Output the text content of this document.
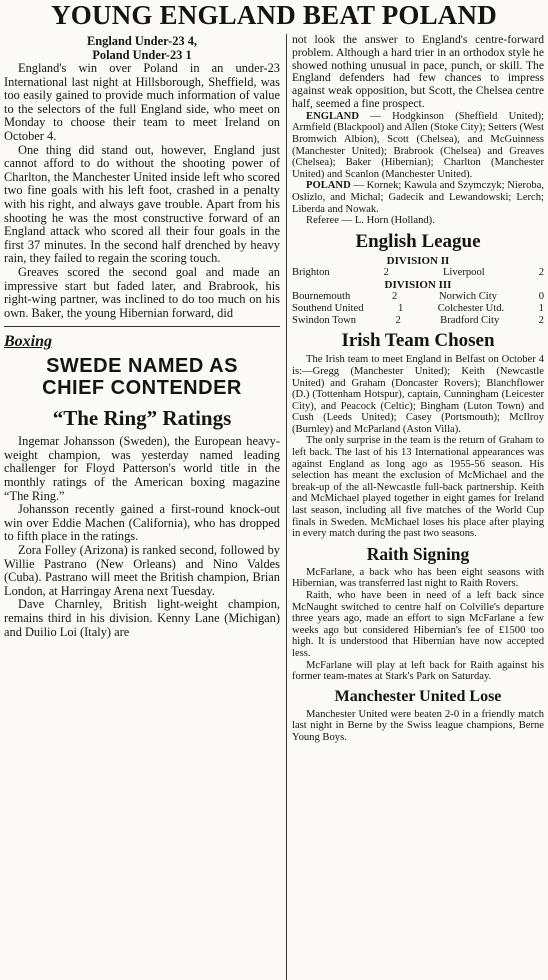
YOUNG ENGLAND BEAT POLAND

England Under-23 4,

Poland Under-23 1

England's win over Poland in an under-23 International last night at Hillsborough, Sheffield, was too easily gained to provide much information of value to the selectors of the full England side, who meet on Monday to choose their team to meet Ireland on October 4.

One thing did stand out, however, England just cannot afford to do without the shooting power of Charlton, the Manchester United inside left who scored two fine goals with his left foot, crashed in a penalty with his right, and always gave trouble. Apart from his shooting he was the most constructive forward of an England attack who scored all their four goals in the first 37 minutes. In the second half drenched by heavy rain, they failed to regain the scoring touch.

Greaves scored the second goal and made an impressive start but faded later, and Brabrook, his right-wing partner, was inclined to do too much on his own. Baker, the young Hibernian forward, did

Boxing
SWEDE NAMED AS
CHIEF CONTENDER
“The Ring” Ratings

Ingemar Johansson (Sweden), the European heavy-weight champion, was yesterday named leading challenger for Floyd Patterson's world title in the monthly ratings of the American boxing magazine “The Ring.”

Johansson recently gained a first-round knock-out win over Eddie Machen (California), who has dropped to fifth place in the ratings.

Zora Folley (Arizona) is ranked second, followed by Willie Pastrano (New Orleans) and Nino Valdes (Cuba). Pastrano will meet the British champion, Brian London, at Harringay Arena next Tuesday.

Dave Charnley, British light-weight champion, remains third in his division. Kenny Lane (Michigan) and Duilio Loi (Italy) are

not look the answer to England's centre-forward problem. Although a hard trier in an orthodox style he showed nothing unusual in pace, punch, or skill. The England defenders had few chances to impress against weak opposition, but Scott, the Chelsea centre half, seemed a fine prospect.

ENGLAND — Hodgkinson (Sheffield United); Armfield (Blackpool) and Allen (Stoke City); Setters (West Bromwich Albion), Scott (Chelsea), and McGuinness (Manchester United); Brabrook (Chelsea) and Greaves (Chelsea); Baker (Hibernian); Charlton (Manchester United) and Scanlon (Manchester United).

POLAND — Kornek; Kawula and Szymczyk; Nieroba, Oslizlo, and Michal; Gadecik and Lewandowski; Lerch; Liberda and Nowak.

Referee — L. Horn (Holland).

English League
DIVISION II
Brighton	2	Liverpool	2
DIVISION III
Bournemouth	2	Norwich City	0
Southend United	1	Colchester Utd.	1
Swindon Town	2	Bradford City	2
Irish Team Chosen

The Irish team to meet England in Belfast on October 4 is:—Gregg (Manchester United); Keith (Newcastle United) and Graham (Doncaster Rovers); Blanchflower (D.) (Tottenham Hotspur), captain, Cunningham (Leicester City), and Peacock (Celtic); Bingham (Luton Town) and Cush (Leeds United); Casey (Portsmouth); McIlroy (Burnley) and McParland (Aston Villa).

The only surprise in the team is the return of Graham to left back. The last of his 13 International appearances was against England as long ago as 1955-56 season. His selection has meant the exclusion of McMichael and the break-up of the all-Newcastle full-back partnership. Keith and McMichael played together in eight games for Ireland last season, including all five matches of the World Cup finals in Sweden. McMichael loses his place after playing in every match during the past two seasons.

Raith Signing

McFarlane, a back who has been eight seasons with Hibernian, was transferred last night to Raith Rovers.

Raith, who have been in need of a left back since McNaught switched to centre half on Colville's departure three years ago, made an effort to sign McFarlane a few weeks ago but considered Hibernian's fee of £1500 too high. It is understood that Hibernian have now accepted less.

McFarlane will play at left back for Raith against his former team-mates at Stark's Park on Saturday.

Manchester United Lose

Manchester United were beaten 2-0 in a friendly match last night in Berne by the Swiss league champions, Berne Young Boys.
